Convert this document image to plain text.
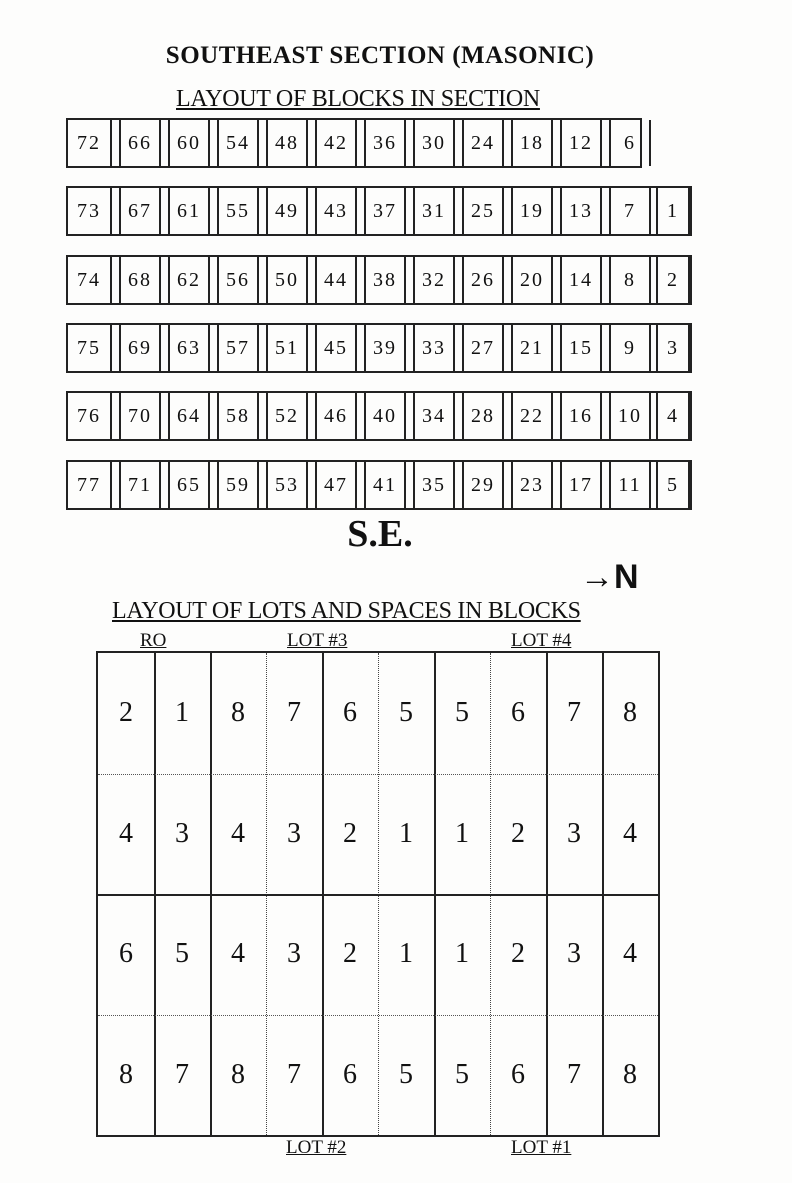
SOUTHEAST SECTION (MASONIC)
LAYOUT OF BLOCKS IN SECTION
72	66	60	54	48	42	36	30	24	18	12	6
73	67	61	55	49	43	37	31	25	19	13	7	1
74	68	62	56	50	44	38	32	26	20	14	8	2
75	69	63	57	51	45	39	33	27	21	15	9	3
76	70	64	58	52	46	40	34	28	22	16	10	4
77	71	65	59	53	47	41	35	29	23	17	11	5
S.E.
→N
LAYOUT OF LOTS AND SPACES IN BLOCKS
RO	LOT #3	LOT #4
2	1	8	7	6	5	5	6	7	8
4	3	4	3	2	1	1	2	3	4
6	5	4	3	2	1	1	2	3	4
8	7	8	7	6	5	5	6	7	8
LOT #2	LOT #1
